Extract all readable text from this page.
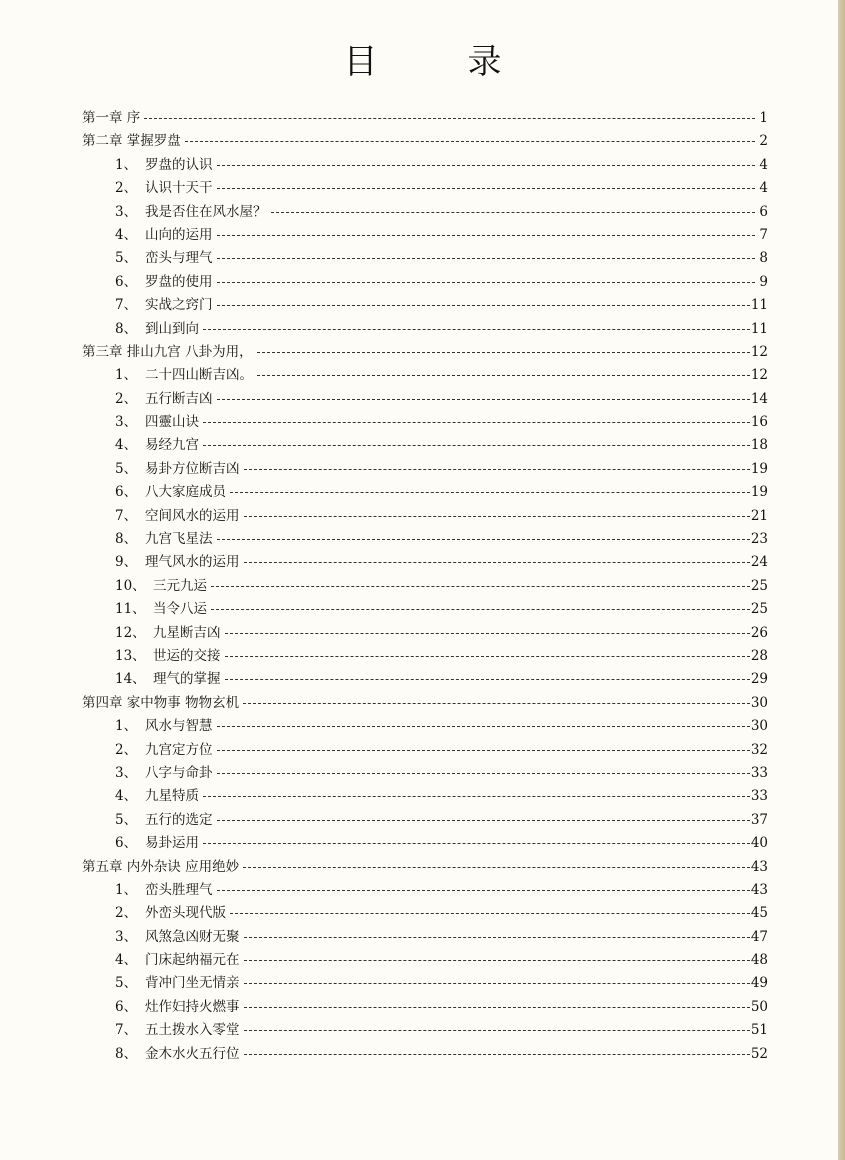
目　录
第一章 序	1
第二章 掌握罗盘	2
1、 罗盘的认识	4
2、 认识十天干	4
3、 我是否住在风水屋？	6
4、 山向的运用	7
5、 峦头与理气	8
6、 罗盘的使用	9
7、 实战之窍门	11
8、 到山到向	11
第三章 排山九宫 八卦为用，	12
1、 二十四山断吉凶。	12
2、 五行断吉凶	14
3、 四靈山诀	16
4、 易经九宫	18
5、 易卦方位断吉凶	19
6、 八大家庭成员	19
7、 空间风水的运用	21
8、 九宫飞星法	23
9、 理气风水的运用	24
10、 三元九运	25
11、 当令八运	25
12、 九星断吉凶	26
13、 世运的交接	28
14、 理气的掌握	29
第四章 家中物事 物物玄机	30
1、 风水与智慧	30
2、 九宫定方位	32
3、 八字与命卦	33
4、 九星特质	33
5、 五行的选定	37
6、 易卦运用	40
第五章 内外杂诀 应用绝妙	43
1、 峦头胜理气	43
2、 外峦头现代版	45
3、 风煞急凶财无聚	47
4、 门床起纳福元在	48
5、 背冲门坐无情亲	49
6、 灶作妇持火燃事	50
7、 五土拨水入零堂	51
8、 金木水火五行位	52
